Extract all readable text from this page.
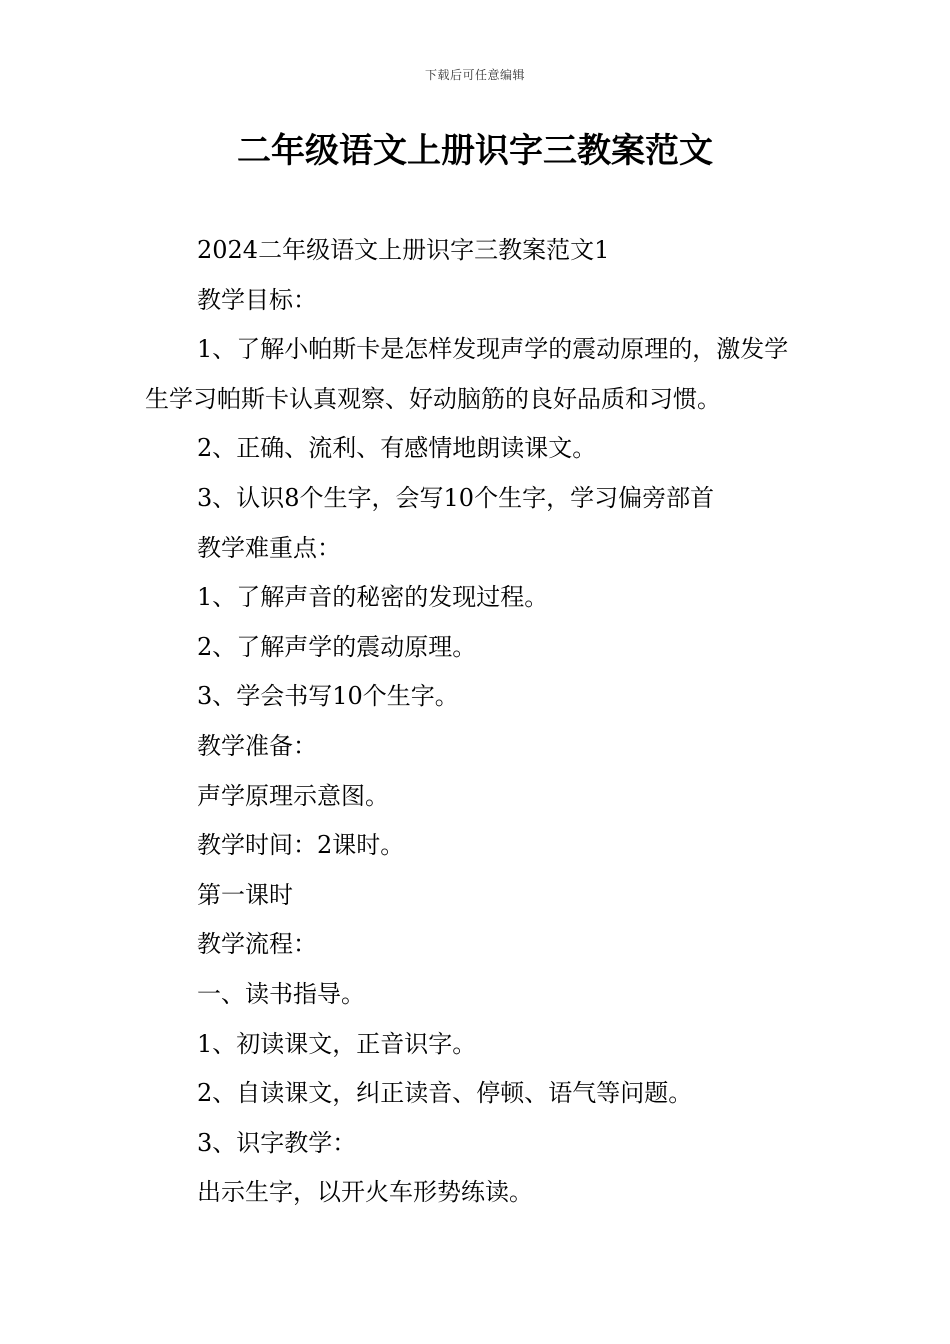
下载后可任意编辑
二年级语文上册识字三教案范文

2024二年级语文上册识字三教案范文1

教学目标：

1、了解小帕斯卡是怎样发现声学的震动原理的，激发学生学习帕斯卡认真观察、好动脑筋的良好品质和习惯。

2、正确、流利、有感情地朗读课文。

3、认识8个生字，会写10个生字，学习偏旁部首

教学难重点：

1、了解声音的秘密的发现过程。

2、了解声学的震动原理。

3、学会书写10个生字。

教学准备：

声学原理示意图。

教学时间：2课时。

第一课时

教学流程：

一、读书指导。

1、初读课文，正音识字。

2、自读课文，纠正读音、停顿、语气等问题。

3、识字教学：

出示生字，以开火车形势练读。
